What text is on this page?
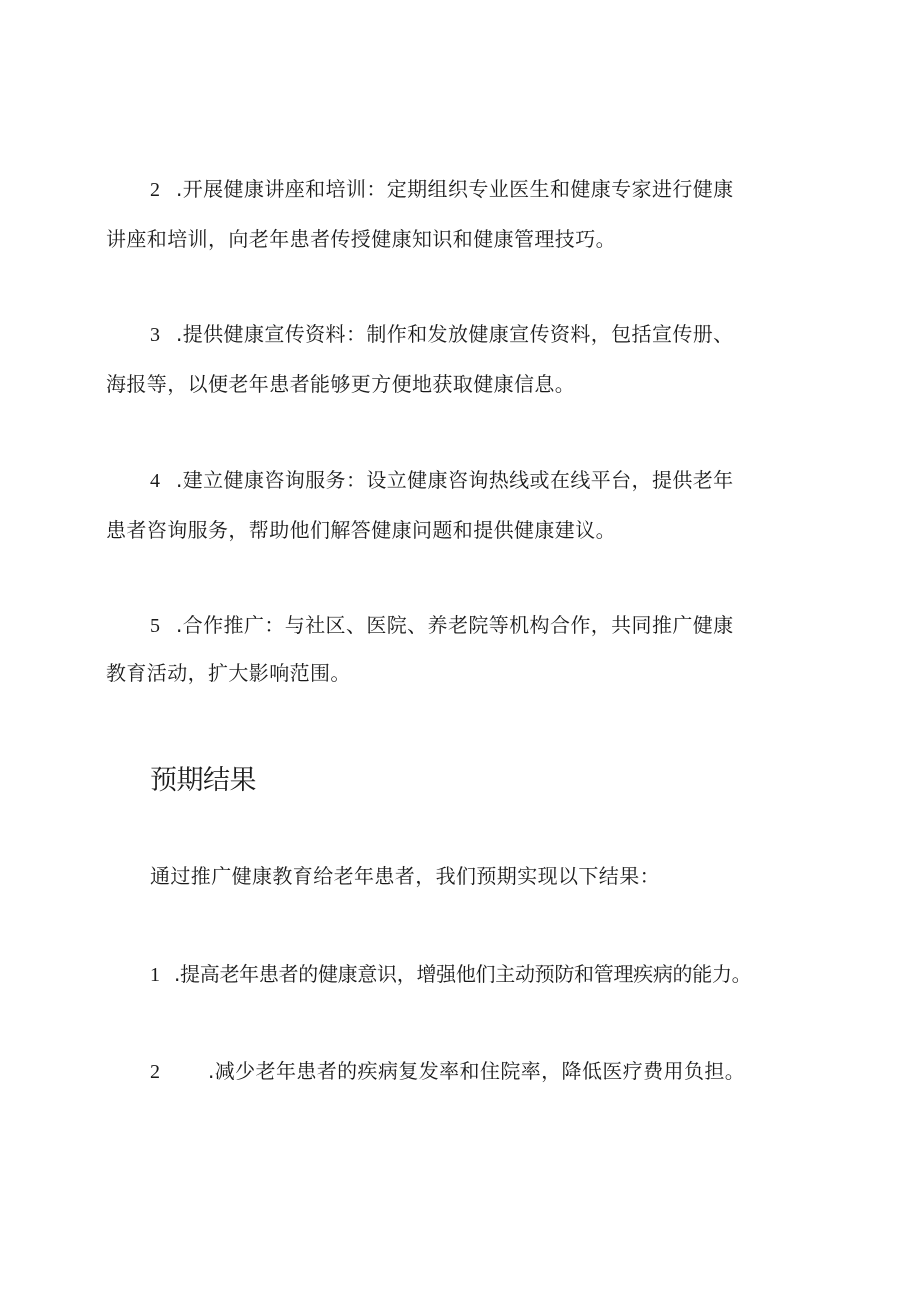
2 .开展健康讲座和培训：定期组织专业医生和健康专家进行健康
讲座和培训，向老年患者传授健康知识和健康管理技巧。
3 .提供健康宣传资料：制作和发放健康宣传资料，包括宣传册、
海报等，以便老年患者能够更方便地获取健康信息。
4 .建立健康咨询服务：设立健康咨询热线或在线平台，提供老年
患者咨询服务，帮助他们解答健康问题和提供健康建议。
5 .合作推广：与社区、医院、养老院等机构合作，共同推广健康
教育活动，扩大影响范围。
预期结果
通过推广健康教育给老年患者，我们预期实现以下结果：
1 .提高老年患者的健康意识，增强他们主动预防和管理疾病的能力。
2 .减少老年患者的疾病复发率和住院率，降低医疗费用负担。
